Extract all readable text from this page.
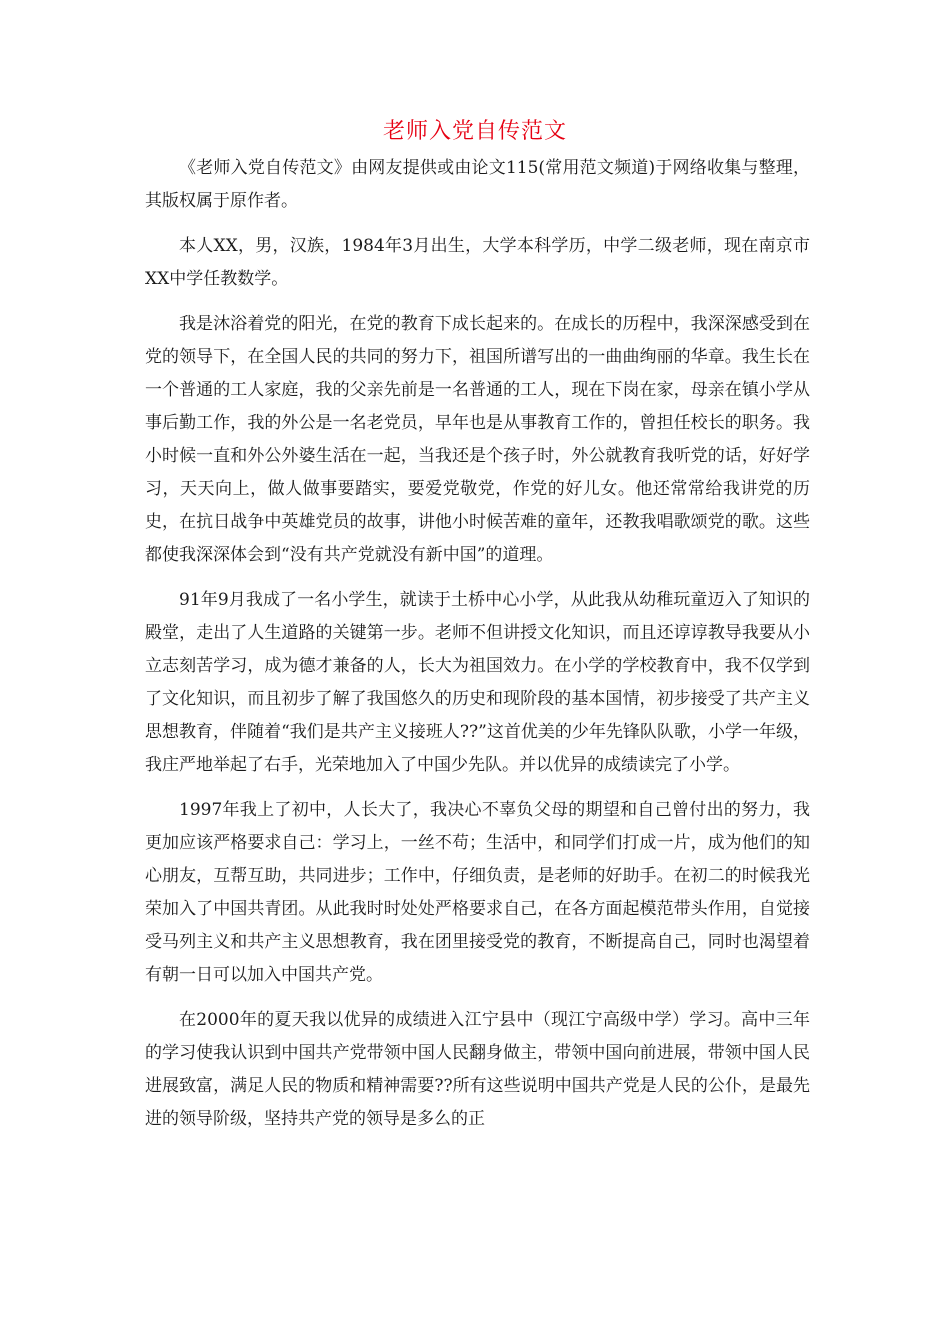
老师入党自传范文

《老师入党自传范文》由网友提供或由论文115(常用范文频道)于网络收集与整理，其版权属于原作者。

本人XX，男，汉族，1984年3月出生，大学本科学历，中学二级老师，现在南京市XX中学任教数学。

我是沐浴着党的阳光，在党的教育下成长起来的。在成长的历程中，我深深感受到在党的领导下，在全国人民的共同的努力下，祖国所谱写出的一曲曲绚丽的华章。我生长在一个普通的工人家庭，我的父亲先前是一名普通的工人，现在下岗在家，母亲在镇小学从事后勤工作，我的外公是一名老党员，早年也是从事教育工作的，曾担任校长的职务。我小时候一直和外公外婆生活在一起，当我还是个孩子时，外公就教育我听党的话，好好学习，天天向上，做人做事要踏实，要爱党敬党，作党的好儿女。他还常常给我讲党的历史，在抗日战争中英雄党员的故事，讲他小时候苦难的童年，还教我唱歌颂党的歌。这些都使我深深体会到“没有共产党就没有新中国”的道理。

91年9月我成了一名小学生，就读于土桥中心小学，从此我从幼稚玩童迈入了知识的殿堂，走出了人生道路的关键第一步。老师不但讲授文化知识，而且还谆谆教导我要从小立志刻苦学习，成为德才兼备的人，长大为祖国效力。在小学的学校教育中，我不仅学到了文化知识，而且初步了解了我国悠久的历史和现阶段的基本国情，初步接受了共产主义思想教育，伴随着“我们是共产主义接班人??”这首优美的少年先锋队队歌，小学一年级，我庄严地举起了右手，光荣地加入了中国少先队。并以优异的成绩读完了小学。

1997年我上了初中，人长大了，我决心不辜负父母的期望和自己曾付出的努力，我更加应该严格要求自己：学习上，一丝不苟；生活中，和同学们打成一片，成为他们的知心朋友，互帮互助，共同进步；工作中，仔细负责，是老师的好助手。在初二的时候我光荣加入了中国共青团。从此我时时处处严格要求自己，在各方面起模范带头作用，自觉接受马列主义和共产主义思想教育，我在团里接受党的教育，不断提高自己，同时也渴望着有朝一日可以加入中国共产党。

在2000年的夏天我以优异的成绩进入江宁县中（现江宁高级中学）学习。高中三年的学习使我认识到中国共产党带领中国人民翻身做主，带领中国向前进展，带领中国人民进展致富，满足人民的物质和精神需要??所有这些说明中国共产党是人民的公仆，是最先进的领导阶级，坚持共产党的领导是多么的正
